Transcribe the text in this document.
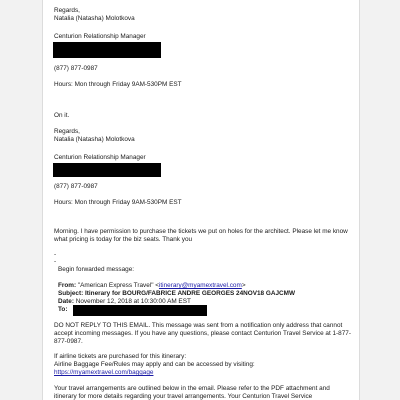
Regards,
Natalia (Natasha) Molotkova
Centurion Relationship Manager
(877) 877-0987
Hours: Mon through Friday 9AM-530PM EST
On it.
Regards,
Natalia (Natasha) Molotkova
Centurion Relationship Manager
(877) 877-0987
Hours: Mon through Friday 9AM-530PM EST
Morning. I have permission to purchase the tickets we put on holes for the architect. Please let me know what pricing is today for the biz seats. Thank you
-
-
Begin forwarded message:
From: "American Express Travel" <itinerary@myamextravel.com>
Subject: Itinerary for BOURG/FABRICE ANDRE GEORGES 24NOV18 GAJCMW
Date: November 12, 2018 at 10:30:00 AM EST
To:
DO NOT REPLY TO THIS EMAIL. This message was sent from a notification only address that cannot accept incoming messages. If you have any questions, please contact Centurion Travel Service at 1-877-877-0987.
If airline tickets are purchased for this itinerary:
Airline Baggage Fee/Rules may apply and can be accessed by visiting:
https://myamextravel.com/baggage
Your travel arrangements are outlined below in the email. Please refer to the PDF attachment and itinerary for more details regarding your travel arrangements. Your Centurion Travel Service
